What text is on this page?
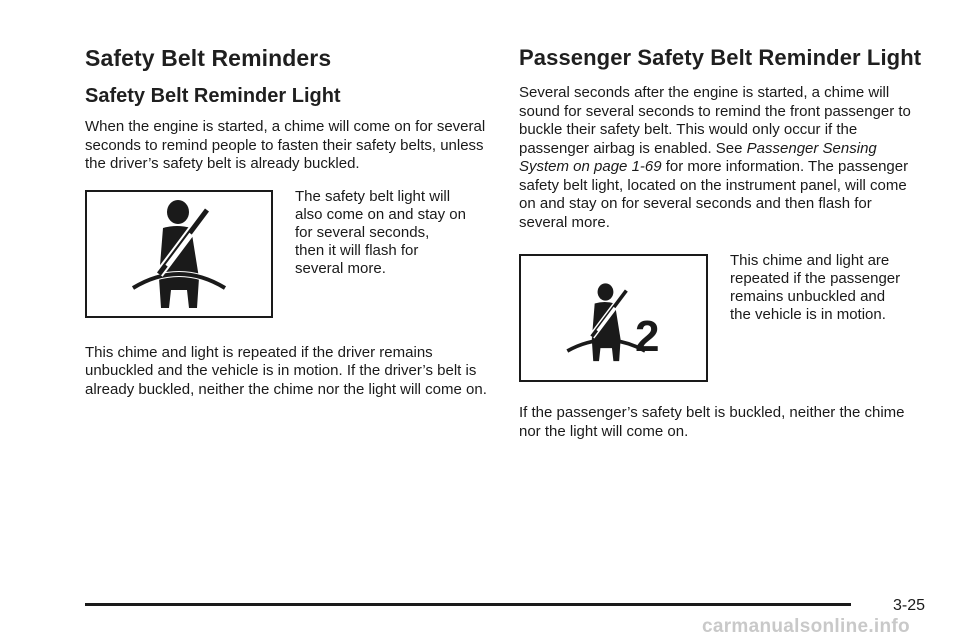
Safety Belt Reminders
Safety Belt Reminder Light

When the engine is started, a chime will come on for several seconds to remind people to fasten their safety belts, unless the driver’s safety belt is already buckled.

The safety belt light will

also come on and stay on

for several seconds,

then it will flash for

several more.

This chime and light is repeated if the driver remains unbuckled and the vehicle is in motion. If the driver’s belt is already buckled, neither the chime nor the light will come on.

Passenger Safety Belt Reminder Light

Several seconds after the engine is started, a chime will sound for several seconds to remind the front passenger to buckle their safety belt. This would only occur if the passenger airbag is enabled. See Passenger Sensing System on page 1-69 for more information. The passenger safety belt light, located on the instrument panel, will come on and stay on for several seconds and then flash for several more.

2

This chime and light are

repeated if the passenger

remains unbuckled and

the vehicle is in motion.

If the passenger’s safety belt is buckled, neither the chime nor the light will come on.

3-25
carmanualsonline.info
